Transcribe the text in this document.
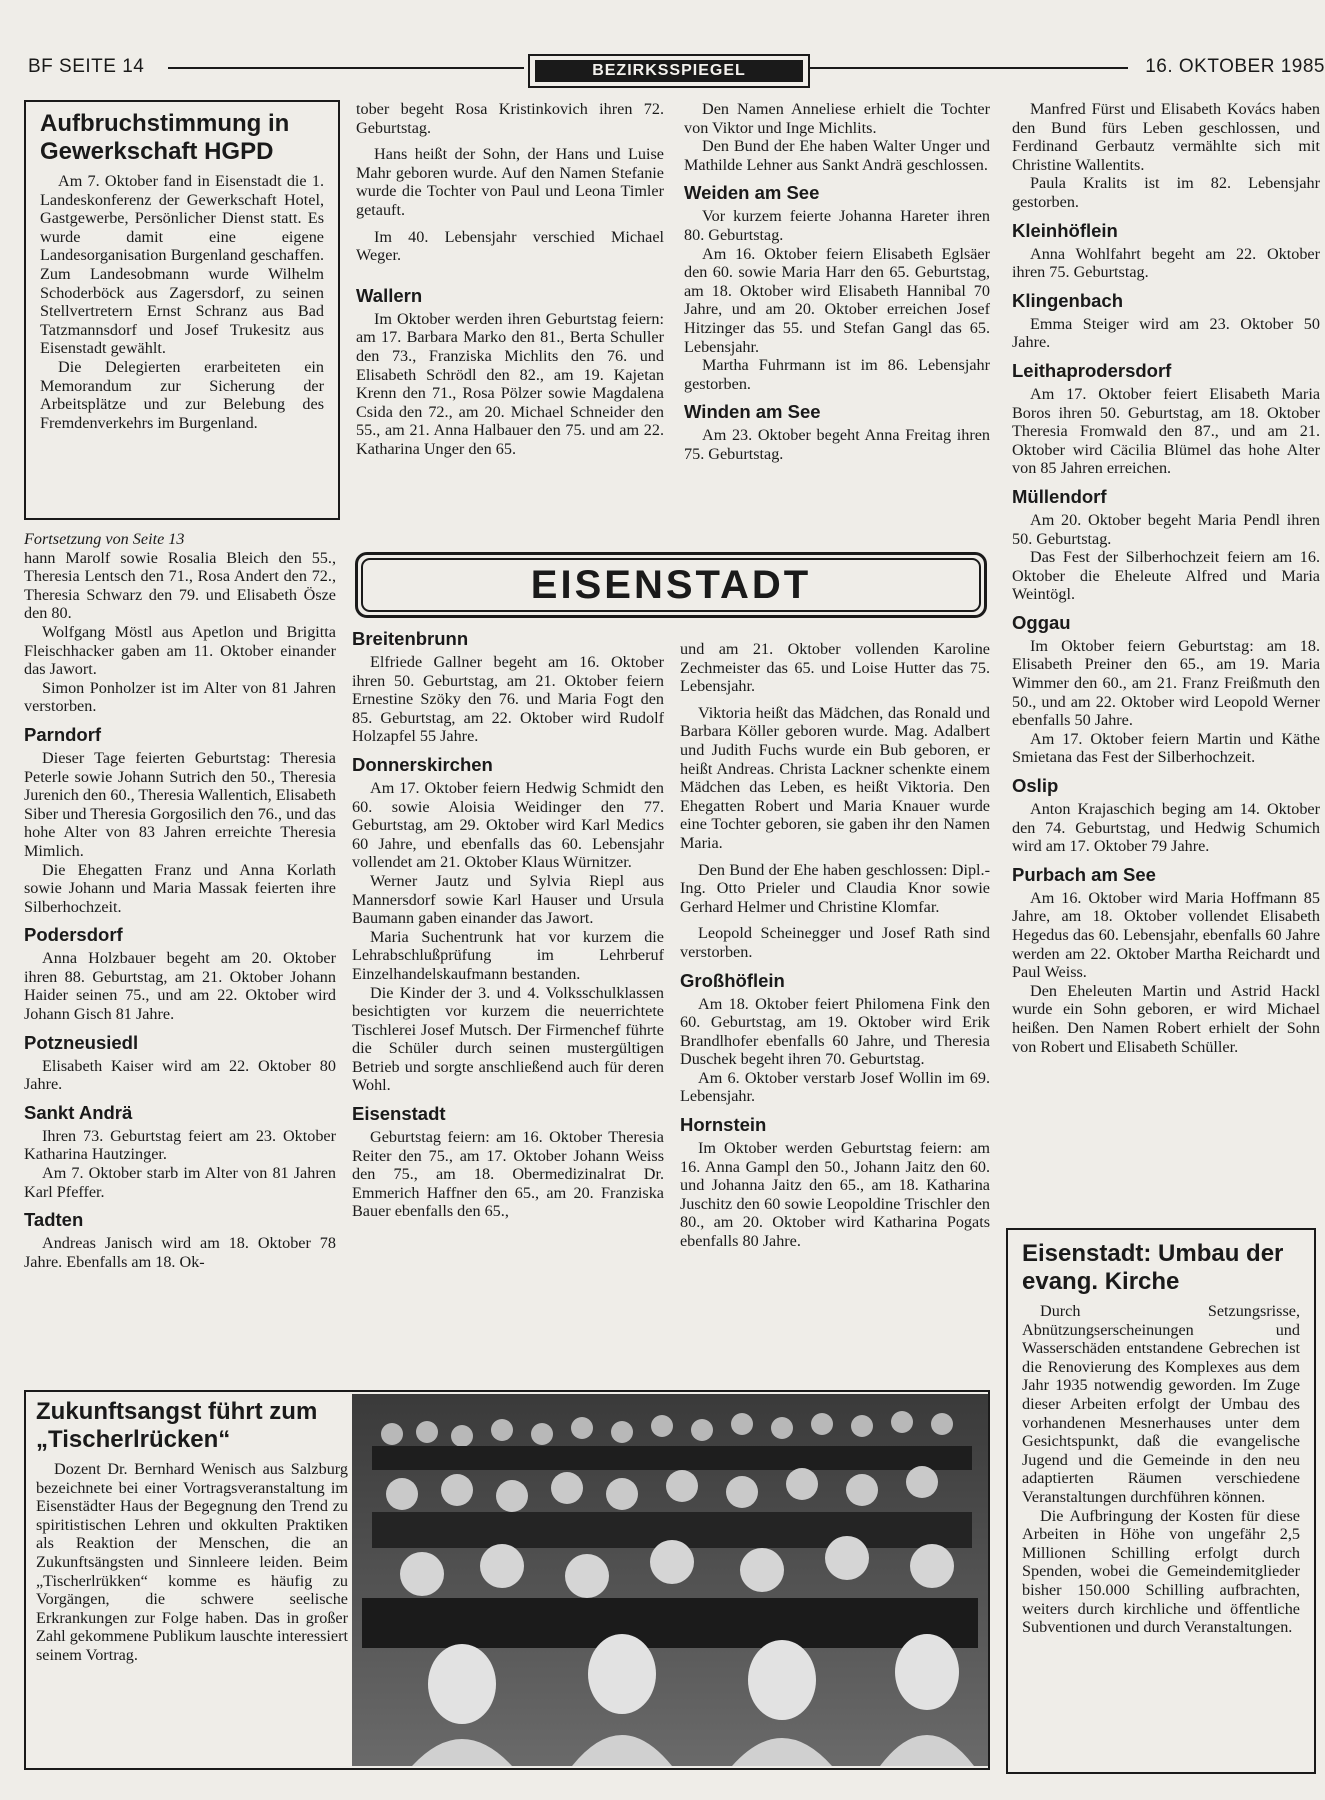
BF SEITE 14	BEZIRKSSPIEGEL	16. OKTOBER 1985
Aufbruchstimmung in Gewerkschaft HGPD

Am 7. Oktober fand in Eisenstadt die 1. Landeskonferenz der Gewerkschaft Hotel, Gastgewerbe, Persönlicher Dienst statt. Es wurde damit eine eigene Landesorganisation Burgenland geschaffen. Zum Landesobmann wurde Wilhelm Schoderböck aus Zagersdorf, zu seinen Stellvertretern Ernst Schranz aus Bad Tatzmannsdorf und Josef Trukesitz aus Eisenstadt gewählt.

Die Delegierten erarbeiteten ein Memorandum zur Sicherung der Arbeitsplätze und zur Belebung des Fremdenverkehrs im Burgenland.

Fortsetzung von Seite 13

hann Marolf sowie Rosalia Bleich den 55., Theresia Lentsch den 71., Rosa Andert den 72., Theresia Schwarz den 79. und Elisabeth Ösze den 80.

Wolfgang Möstl aus Apetlon und Brigitta Fleischhacker gaben am 11. Oktober einander das Jawort.

Simon Ponholzer ist im Alter von 81 Jahren verstorben.

Parndorf

Dieser Tage feierten Geburtstag: Theresia Peterle sowie Johann Sutrich den 50., Theresia Jurenich den 60., Theresia Wallentich, Elisabeth Siber und Theresia Gorgosilich den 76., und das hohe Alter von 83 Jahren erreichte Theresia Mimlich.

Die Ehegatten Franz und Anna Korlath sowie Johann und Maria Massak feierten ihre Silberhochzeit.

Podersdorf

Anna Holzbauer begeht am 20. Oktober ihren 88. Geburtstag, am 21. Oktober Johann Haider seinen 75., und am 22. Oktober wird Johann Gisch 81 Jahre.

Potzneusiedl

Elisabeth Kaiser wird am 22. Oktober 80 Jahre.

Sankt Andrä

Ihren 73. Geburtstag feiert am 23. Oktober Katharina Hautzinger.

Am 7. Oktober starb im Alter von 81 Jahren Karl Pfeffer.

Tadten

Andreas Janisch wird am 18. Oktober 78 Jahre. Ebenfalls am 18. Ok-

tober begeht Rosa Kristinkovich ihren 72. Geburtstag.

Hans heißt der Sohn, der Hans und Luise Mahr geboren wurde. Auf den Namen Stefanie wurde die Tochter von Paul und Leona Timler getauft.

Im 40. Lebensjahr verschied Michael Weger.

Wallern

Im Oktober werden ihren Geburtstag feiern: am 17. Barbara Marko den 81., Berta Schuller den 73., Franziska Michlits den 76. und Elisabeth Schrödl den 82., am 19. Kajetan Krenn den 71., Rosa Pölzer sowie Magdalena Csida den 72., am 20. Michael Schneider den 55., am 21. Anna Halbauer den 75. und am 22. Katharina Unger den 65.

Den Namen Anneliese erhielt die Tochter von Viktor und Inge Michlits.

Den Bund der Ehe haben Walter Unger und Mathilde Lehner aus Sankt Andrä geschlossen.

Weiden am See

Vor kurzem feierte Johanna Hareter ihren 80. Geburtstag.

Am 16. Oktober feiern Elisabeth Eglsäer den 60. sowie Maria Harr den 65. Geburtstag, am 18. Oktober wird Elisabeth Hannibal 70 Jahre, und am 20. Oktober erreichen Josef Hitzinger das 55. und Stefan Gangl das 65. Lebensjahr.

Martha Fuhrmann ist im 86. Lebensjahr gestorben.

Winden am See

Am 23. Oktober begeht Anna Freitag ihren 75. Geburtstag.

EISENSTADT
Breitenbrunn

Elfriede Gallner begeht am 16. Oktober ihren 50. Geburtstag, am 21. Oktober feiern Ernestine Szöky den 76. und Maria Fogt den 85. Geburtstag, am 22. Oktober wird Rudolf Holzapfel 55 Jahre.

Donnerskirchen

Am 17. Oktober feiern Hedwig Schmidt den 60. sowie Aloisia Weidinger den 77. Geburtstag, am 29. Oktober wird Karl Medics 60 Jahre, und ebenfalls das 60. Lebensjahr vollendet am 21. Oktober Klaus Würnitzer.

Werner Jautz und Sylvia Riepl aus Mannersdorf sowie Karl Hauser und Ursula Baumann gaben einander das Jawort.

Maria Suchentrunk hat vor kurzem die Lehrabschlußprüfung im Lehrberuf Einzelhandelskaufmann bestanden.

Die Kinder der 3. und 4. Volksschulklassen besichtigten vor kurzem die neuerrichtete Tischlerei Josef Mutsch. Der Firmenchef führte die Schüler durch seinen mustergültigen Betrieb und sorgte anschließend auch für deren Wohl.

Eisenstadt

Geburtstag feiern: am 16. Oktober Theresia Reiter den 75., am 17. Oktober Johann Weiss den 75., am 18. Obermedizinalrat Dr. Emmerich Haffner den 65., am 20. Franziska Bauer ebenfalls den 65.,

und am 21. Oktober vollenden Karoline Zechmeister das 65. und Loise Hutter das 75. Lebensjahr.

Viktoria heißt das Mädchen, das Ronald und Barbara Köller geboren wurde. Mag. Adalbert und Judith Fuchs wurde ein Bub geboren, er heißt Andreas. Christa Lackner schenkte einem Mädchen das Leben, es heißt Viktoria. Den Ehegatten Robert und Maria Knauer wurde eine Tochter geboren, sie gaben ihr den Namen Maria.

Den Bund der Ehe haben geschlossen: Dipl.-Ing. Otto Prieler und Claudia Knor sowie Gerhard Helmer und Christine Klomfar.

Leopold Scheinegger und Josef Rath sind verstorben.

Großhöflein

Am 18. Oktober feiert Philomena Fink den 60. Geburtstag, am 19. Oktober wird Erik Brandlhofer ebenfalls 60 Jahre, und Theresia Duschek begeht ihren 70. Geburtstag.

Am 6. Oktober verstarb Josef Wollin im 69. Lebensjahr.

Hornstein

Im Oktober werden Geburtstag feiern: am 16. Anna Gampl den 50., Johann Jaitz den 60. und Johanna Jaitz den 65., am 18. Katharina Juschitz den 60 sowie Leopoldine Trischler den 80., am 20. Oktober wird Katharina Pogats ebenfalls 80 Jahre.

Manfred Fürst und Elisabeth Kovács haben den Bund fürs Leben geschlossen, und Ferdinand Gerbautz vermählte sich mit Christine Wallentits.

Paula Kralits ist im 82. Lebensjahr gestorben.

Kleinhöflein

Anna Wohlfahrt begeht am 22. Oktober ihren 75. Geburtstag.

Klingenbach

Emma Steiger wird am 23. Oktober 50 Jahre.

Leithaprodersdorf

Am 17. Oktober feiert Elisabeth Maria Boros ihren 50. Geburtstag, am 18. Oktober Theresia Fromwald den 87., und am 21. Oktober wird Cäcilia Blümel das hohe Alter von 85 Jahren erreichen.

Müllendorf

Am 20. Oktober begeht Maria Pendl ihren 50. Geburtstag.

Das Fest der Silberhochzeit feiern am 16. Oktober die Eheleute Alfred und Maria Weintögl.

Oggau

Im Oktober feiern Geburtstag: am 18. Elisabeth Preiner den 65., am 19. Maria Wimmer den 60., am 21. Franz Freißmuth den 50., und am 22. Oktober wird Leopold Werner ebenfalls 50 Jahre.

Am 17. Oktober feiern Martin und Käthe Smietana das Fest der Silberhochzeit.

Oslip

Anton Krajaschich beging am 14. Oktober den 74. Geburtstag, und Hedwig Schumich wird am 17. Oktober 79 Jahre.

Purbach am See

Am 16. Oktober wird Maria Hoffmann 85 Jahre, am 18. Oktober vollendet Elisabeth Hegedus das 60. Lebensjahr, ebenfalls 60 Jahre werden am 22. Oktober Martha Reichardt und Paul Weiss.

Den Eheleuten Martin und Astrid Hackl wurde ein Sohn geboren, er wird Michael heißen. Den Namen Robert erhielt der Sohn von Robert und Elisabeth Schüller.

Eisenstadt: Umbau der evang. Kirche

Durch Setzungsrisse, Abnützungserscheinungen und Wasserschäden entstandene Gebrechen ist die Renovierung des Komplexes aus dem Jahr 1935 notwendig geworden. Im Zuge dieser Arbeiten erfolgt der Umbau des vorhandenen Mesnerhauses unter dem Gesichtspunkt, daß die evangelische Jugend und die Gemeinde in den neu adaptierten Räumen verschiedene Veranstaltungen durchführen können.

Die Aufbringung der Kosten für diese Arbeiten in Höhe von ungefähr 2,5 Millionen Schilling erfolgt durch Spenden, wobei die Gemeindemitglieder bisher 150.000 Schilling aufbrachten, weiters durch kirchliche und öffentliche Subventionen und durch Veranstaltungen.

Zukunftsangst führt zum „Tischerlrücken“

Dozent Dr. Bernhard Wenisch aus Salzburg bezeichnete bei einer Vortragsveranstaltung im Eisenstädter Haus der Begegnung den Trend zu spiritistischen Lehren und okkulten Praktiken als Reaktion der Menschen, die an Zukunftsängsten und Sinnleere leiden. Beim „Tischerlrükken“ komme es häufig zu Vorgängen, die schwere seelische Erkrankungen zur Folge haben. Das in großer Zahl gekommene Publikum lauschte interessiert seinem Vortrag.
